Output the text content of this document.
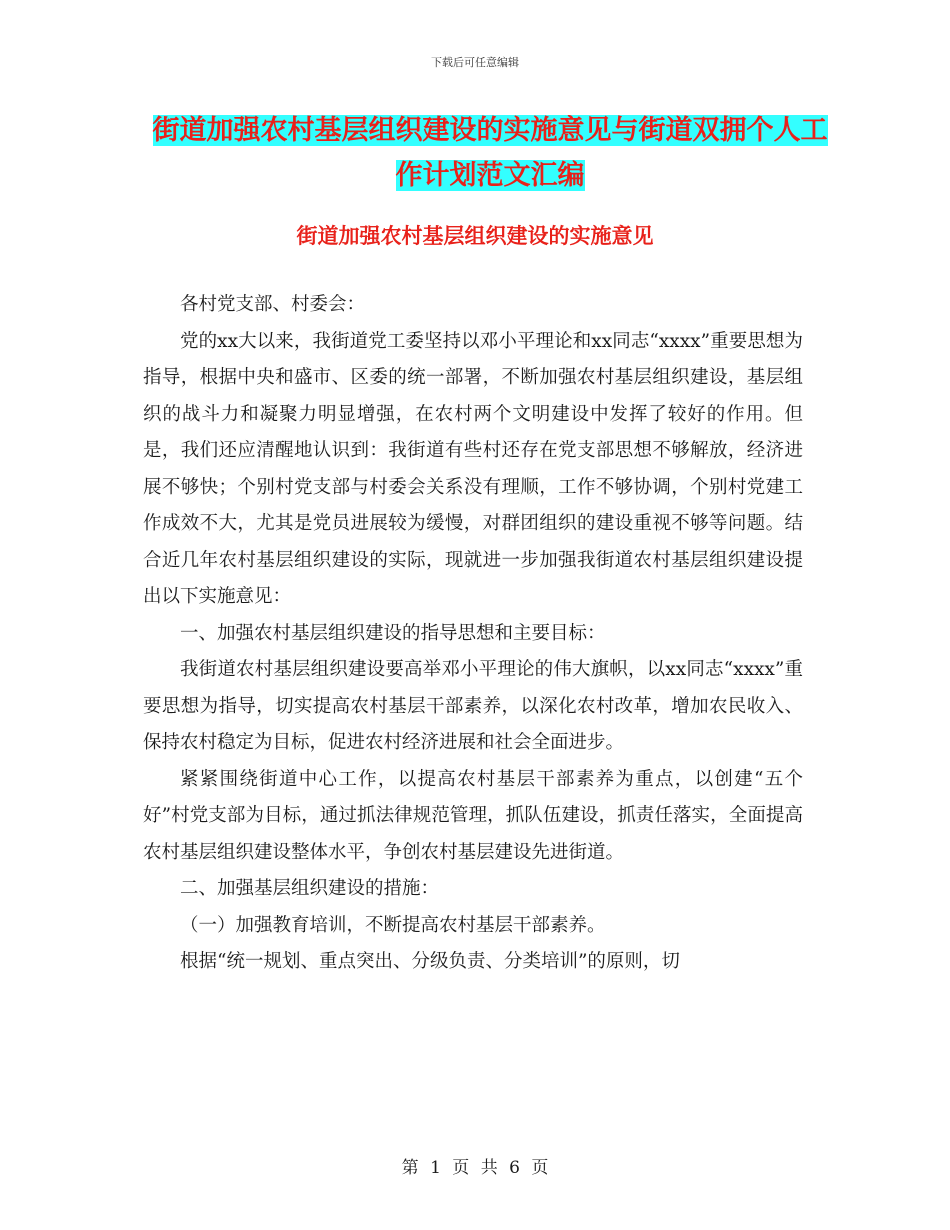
下载后可任意编辑
街道加强农村基层组织建设的实施意见与街道双拥个人工作计划范文汇编
街道加强农村基层组织建设的实施意见

各村党支部、村委会：

党的xx大以来，我街道党工委坚持以邓小平理论和xx同志“xxxx”重要思想为指导，根据中央和盛市、区委的统一部署，不断加强农村基层组织建设，基层组织的战斗力和凝聚力明显增强，在农村两个文明建设中发挥了较好的作用。但是，我们还应清醒地认识到：我街道有些村还存在党支部思想不够解放，经济进展不够快；个别村党支部与村委会关系没有理顺，工作不够协调，个别村党建工作成效不大，尤其是党员进展较为缓慢，对群团组织的建设重视不够等问题。结合近几年农村基层组织建设的实际，现就进一步加强我街道农村基层组织建设提出以下实施意见：

一、加强农村基层组织建设的指导思想和主要目标：

我街道农村基层组织建设要高举邓小平理论的伟大旗帜，以xx同志“xxxx”重要思想为指导，切实提高农村基层干部素养，以深化农村改革，增加农民收入、保持农村稳定为目标，促进农村经济进展和社会全面进步。

紧紧围绕街道中心工作，以提高农村基层干部素养为重点，以创建“五个好”村党支部为目标，通过抓法律规范管理，抓队伍建设，抓责任落实，全面提高农村基层组织建设整体水平，争创农村基层建设先进街道。

二、加强基层组织建设的措施：

（一）加强教育培训，不断提高农村基层干部素养。

根据“统一规划、重点突出、分级负责、分类培训”的原则，切

第 1 页 共 6 页
